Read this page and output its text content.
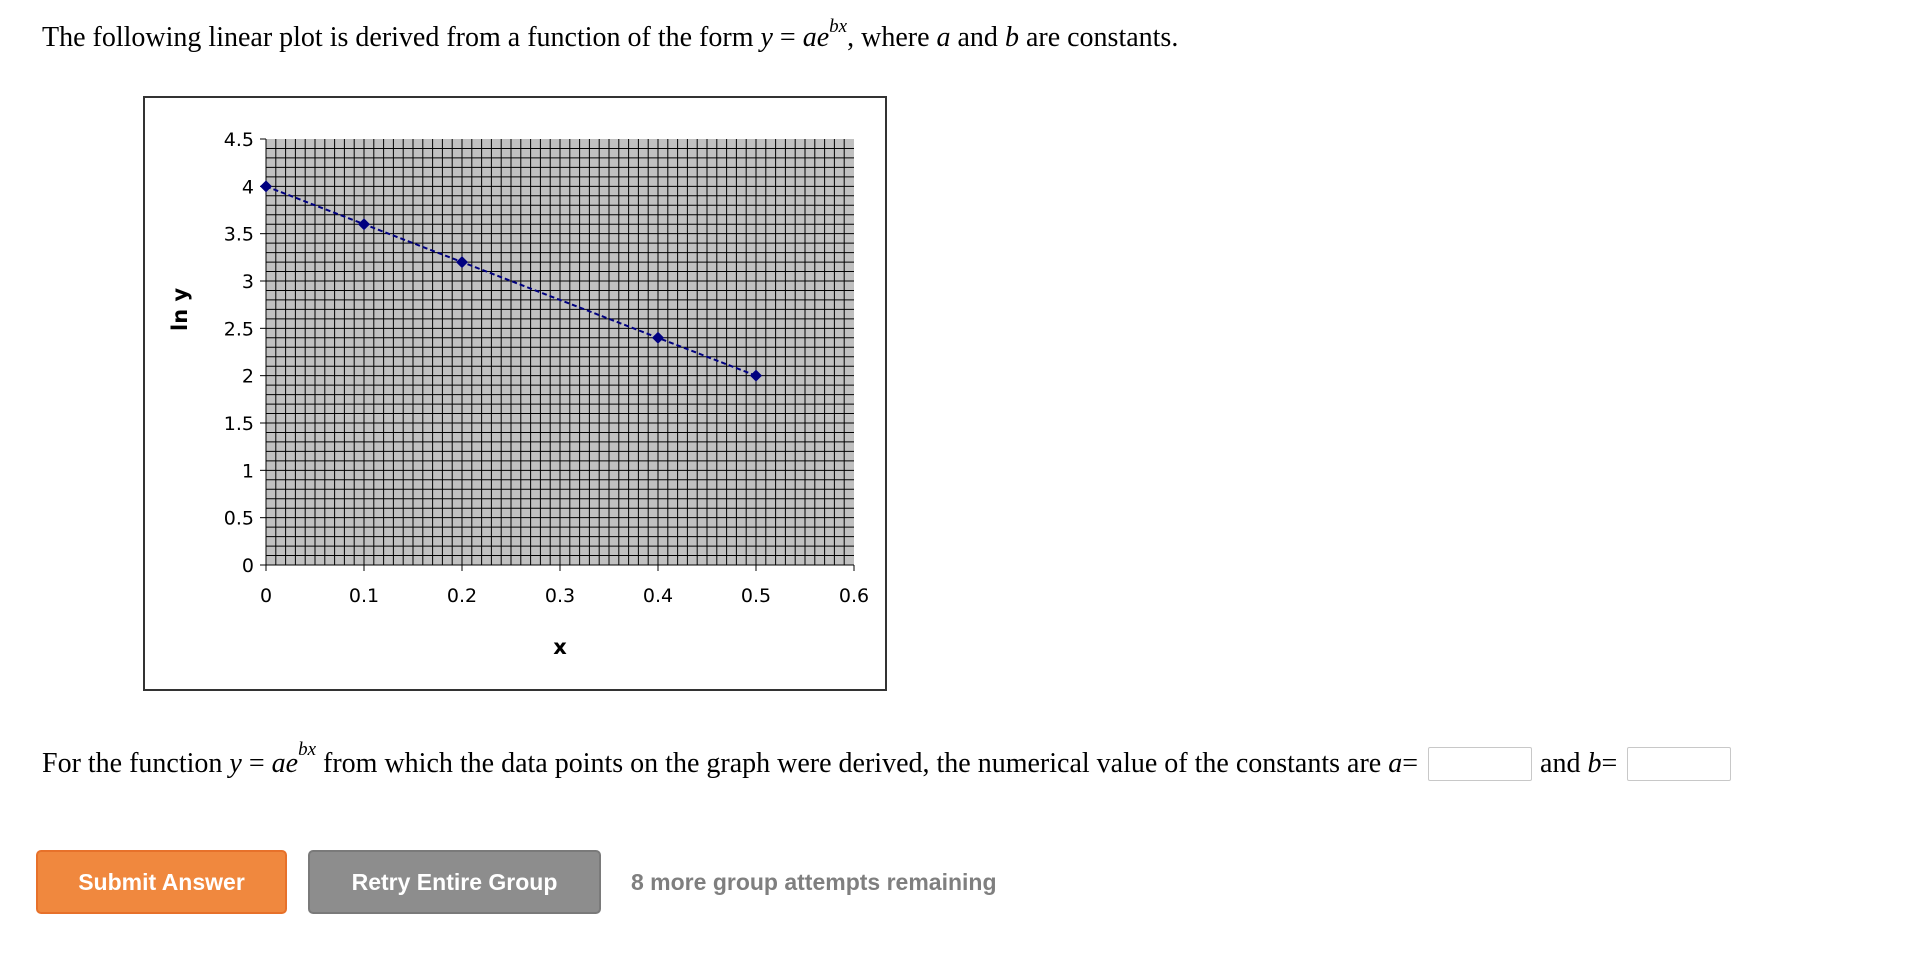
The following linear plot is derived from a function of the form $y = ae^{bx}$, where a and b are constants.
0
0.5
1
1.5
2
2.5
3
3.5
4
4.5
0	0.1	0.2	0.3	0.4	0.5	0.6
x
ln y
For the function
y
=
$ae^{bx}$
from which the data points on the graph were derived, the numerical value of the constants are
a =	and
b =
Submit Answer	Retry Entire Group	8 more group attempts remaining
